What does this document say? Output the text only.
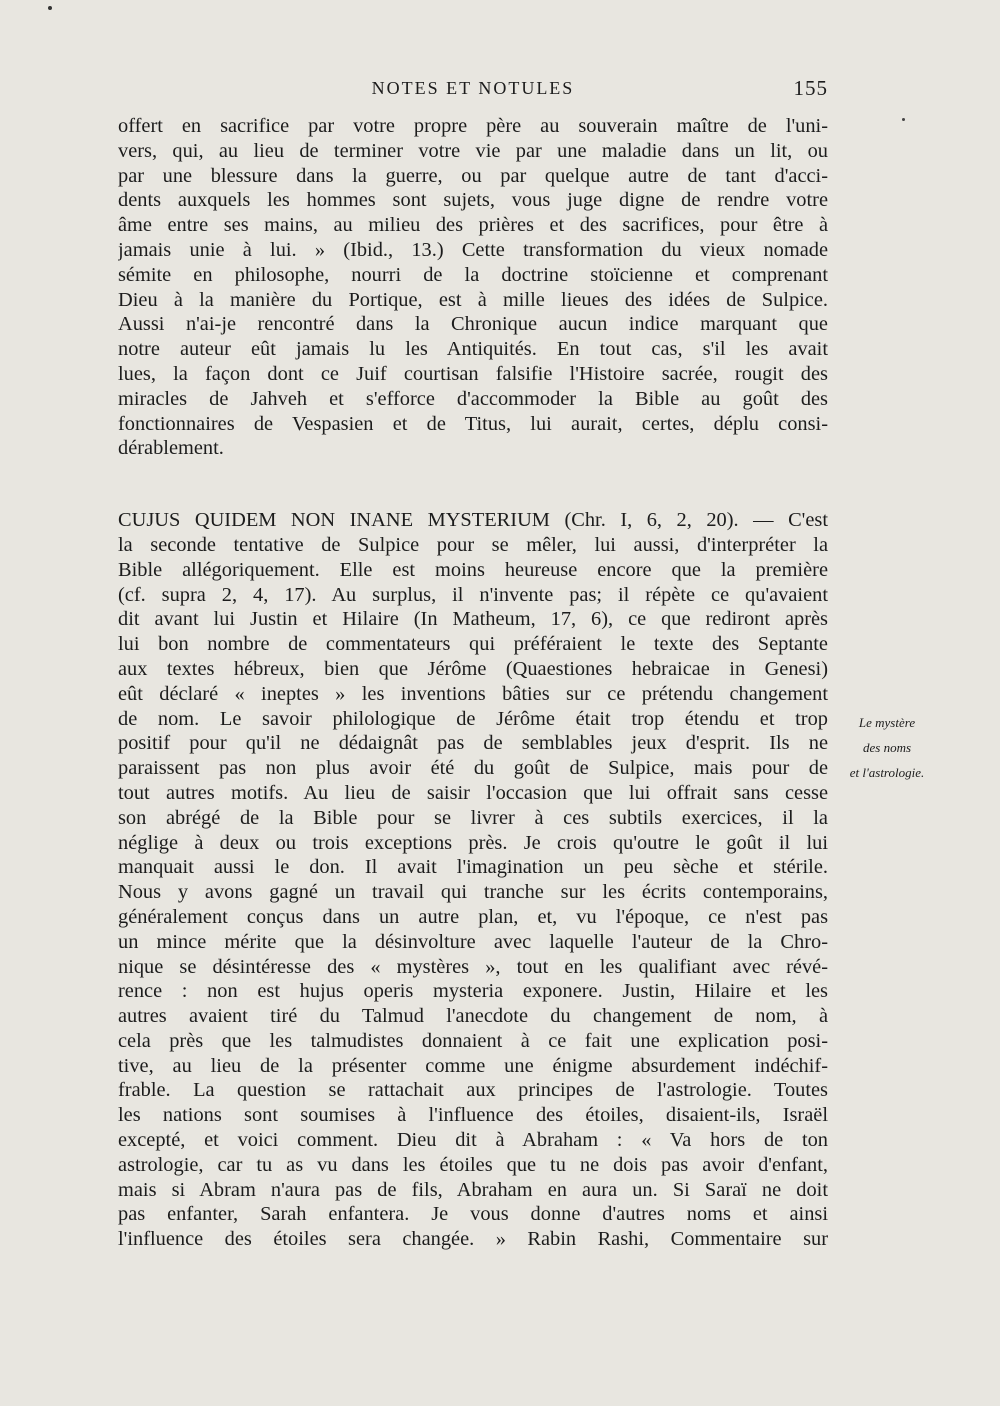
NOTES ET NOTULES	155
offert en sacrifice par votre propre père au souverain maître de l'uni-
vers, qui, au lieu de terminer votre vie par une maladie dans un lit, ou
par une blessure dans la guerre, ou par quelque autre de tant d'acci-
dents auxquels les hommes sont sujets, vous juge digne de rendre votre
âme entre ses mains, au milieu des prières et des sacrifices, pour être à
jamais unie à lui. » (Ibid., 13.) Cette transformation du vieux nomade
sémite en philosophe, nourri de la doctrine stoïcienne et comprenant
Dieu à la manière du Portique, est à mille lieues des idées de Sulpice.
Aussi n'ai-je rencontré dans la Chronique aucun indice marquant que
notre auteur eût jamais lu les Antiquités. En tout cas, s'il les avait
lues, la façon dont ce Juif courtisan falsifie l'Histoire sacrée, rougit des
miracles de Jahveh et s'efforce d'accommoder la Bible au goût des
fonctionnaires de Vespasien et de Titus, lui aurait, certes, déplu consi-
dérablement.
CUJUS QUIDEM NON INANE MYSTERIUM (Chr. I, 6, 2, 20). — C'est
la seconde tentative de Sulpice pour se mêler, lui aussi, d'interpréter la
Bible allégoriquement. Elle est moins heureuse encore que la première
(cf. supra 2, 4, 17). Au surplus, il n'invente pas; il répète ce qu'avaient
dit avant lui Justin et Hilaire (In Matheum, 17, 6), ce que rediront après
lui bon nombre de commentateurs qui préféraient le texte des Septante
aux textes hébreux, bien que Jérôme (Quaestiones hebraicae in Genesi)
eût déclaré « ineptes » les inventions bâties sur ce prétendu changement
de nom. Le savoir philologique de Jérôme était trop étendu et trop
positif pour qu'il ne dédaignât pas de semblables jeux d'esprit. Ils ne
paraissent pas non plus avoir été du goût de Sulpice, mais pour de
tout autres motifs. Au lieu de saisir l'occasion que lui offrait sans cesse
son abrégé de la Bible pour se livrer à ces subtils exercices, il la
néglige à deux ou trois exceptions près. Je crois qu'outre le goût il lui
manquait aussi le don. Il avait l'imagination un peu sèche et stérile.
Nous y avons gagné un travail qui tranche sur les écrits contemporains,
généralement conçus dans un autre plan, et, vu l'époque, ce n'est pas
un mince mérite que la désinvolture avec laquelle l'auteur de la Chro-
nique se désintéresse des « mystères », tout en les qualifiant avec révé-
rence : non est hujus operis mysteria exponere. Justin, Hilaire et les
autres avaient tiré du Talmud l'anecdote du changement de nom, à
cela près que les talmudistes donnaient à ce fait une explication posi-
tive, au lieu de la présenter comme une énigme absurdement indéchif-
frable. La question se rattachait aux principes de l'astrologie. Toutes
les nations sont soumises à l'influence des étoiles, disaient-ils, Israël
excepté, et voici comment. Dieu dit à Abraham : « Va hors de ton
astrologie, car tu as vu dans les étoiles que tu ne dois pas avoir d'enfant,
mais si Abram n'aura pas de fils, Abraham en aura un. Si Saraï ne doit
pas enfanter, Sarah enfantera. Je vous donne d'autres noms et ainsi
l'influence des étoiles sera changée. » Rabin Rashi, Commentaire sur
Le mystère
des noms
et l'astrologie.
